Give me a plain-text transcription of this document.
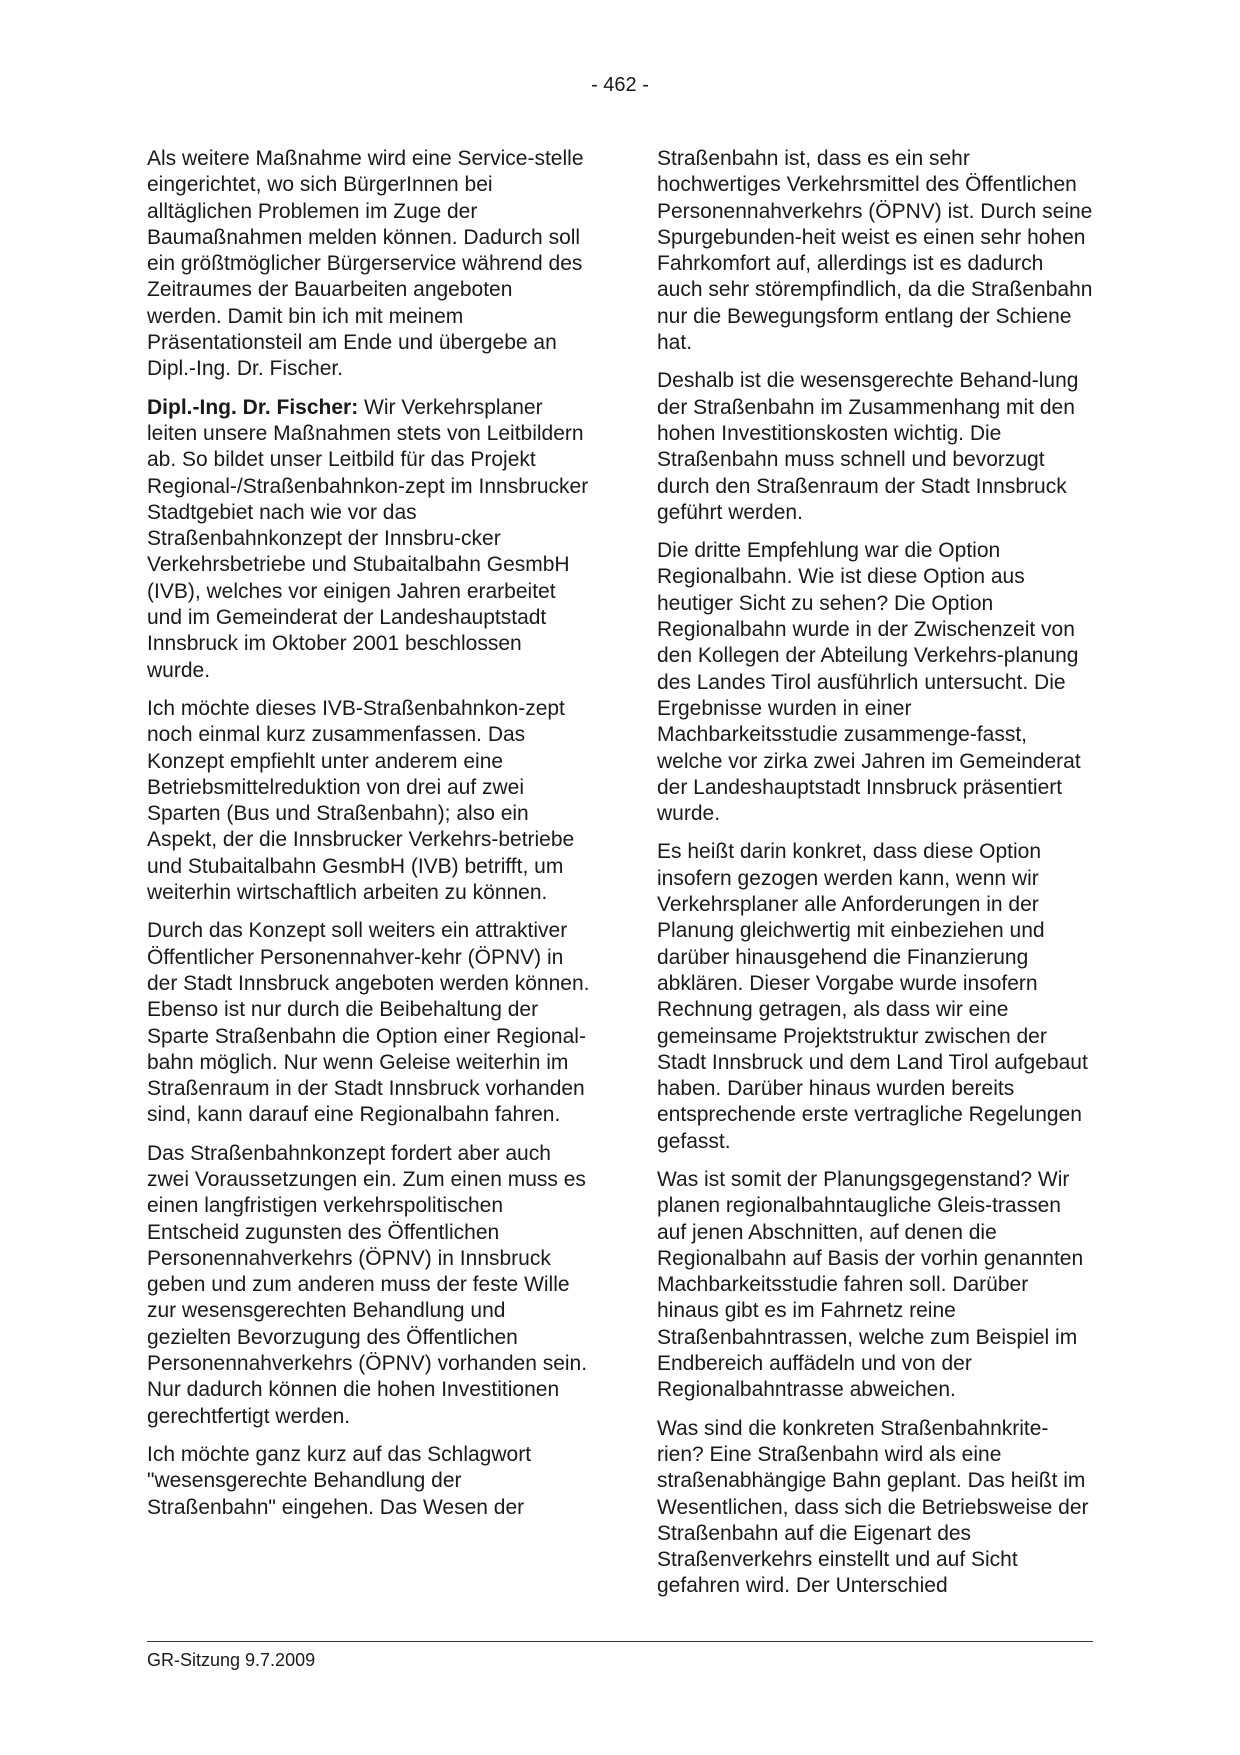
- 462 -

Als weitere Maßnahme wird eine Service-stelle eingerichtet, wo sich BürgerInnen bei alltäglichen Problemen im Zuge der Baumaßnahmen melden können. Dadurch soll ein größtmöglicher Bürgerservice während des Zeitraumes der Bauarbeiten angeboten werden. Damit bin ich mit meinem Präsentationsteil am Ende und übergebe an Dipl.-Ing. Dr. Fischer.

Dipl.-Ing. Dr. Fischer: Wir Verkehrsplaner leiten unsere Maßnahmen stets von Leitbildern ab. So bildet unser Leitbild für das Projekt Regional-/Straßenbahnkon-zept im Innsbrucker Stadtgebiet nach wie vor das Straßenbahnkonzept der Innsbru-cker Verkehrsbetriebe und Stubaitalbahn GesmbH (IVB), welches vor einigen Jahren erarbeitet und im Gemeinderat der Landeshauptstadt Innsbruck im Oktober 2001 beschlossen wurde.

Ich möchte dieses IVB-Straßenbahnkon-zept noch einmal kurz zusammenfassen. Das Konzept empfiehlt unter anderem eine Betriebsmittelreduktion von drei auf zwei Sparten (Bus und Straßenbahn); also ein Aspekt, der die Innsbrucker Verkehrs-betriebe und Stubaitalbahn GesmbH (IVB) betrifft, um weiterhin wirtschaftlich arbeiten zu können.

Durch das Konzept soll weiters ein attraktiver Öffentlicher Personennahver-kehr (ÖPNV) in der Stadt Innsbruck angeboten werden können. Ebenso ist nur durch die Beibehaltung der Sparte Straßenbahn die Option einer Regional-bahn möglich. Nur wenn Geleise weiterhin im Straßenraum in der Stadt Innsbruck vorhanden sind, kann darauf eine Regionalbahn fahren.

Das Straßenbahnkonzept fordert aber auch zwei Voraussetzungen ein. Zum einen muss es einen langfristigen verkehrspolitischen Entscheid zugunsten des Öffentlichen Personennahverkehrs (ÖPNV) in Innsbruck geben und zum anderen muss der feste Wille zur wesensgerechten Behandlung und gezielten Bevorzugung des Öffentlichen Personennahverkehrs (ÖPNV) vorhanden sein. Nur dadurch können die hohen Investitionen gerechtfertigt werden.

Ich möchte ganz kurz auf das Schlagwort "wesensgerechte Behandlung der Straßenbahn" eingehen. Das Wesen der

Straßenbahn ist, dass es ein sehr hochwertiges Verkehrsmittel des Öffentlichen Personennahverkehrs (ÖPNV) ist. Durch seine Spurgebunden-heit weist es einen sehr hohen Fahrkomfort auf, allerdings ist es dadurch auch sehr störempfindlich, da die Straßenbahn nur die Bewegungsform entlang der Schiene hat.

Deshalb ist die wesensgerechte Behand-lung der Straßenbahn im Zusammenhang mit den hohen Investitionskosten wichtig. Die Straßenbahn muss schnell und bevorzugt durch den Straßenraum der Stadt Innsbruck geführt werden.

Die dritte Empfehlung war die Option Regionalbahn. Wie ist diese Option aus heutiger Sicht zu sehen? Die Option Regionalbahn wurde in der Zwischenzeit von den Kollegen der Abteilung Verkehrs-planung des Landes Tirol ausführlich untersucht. Die Ergebnisse wurden in einer Machbarkeitsstudie zusammenge-fasst, welche vor zirka zwei Jahren im Gemeinderat der Landeshauptstadt Innsbruck präsentiert wurde.

Es heißt darin konkret, dass diese Option insofern gezogen werden kann, wenn wir Verkehrsplaner alle Anforderungen in der Planung gleichwertig mit einbeziehen und darüber hinausgehend die Finanzierung abklären. Dieser Vorgabe wurde insofern Rechnung getragen, als dass wir eine gemeinsame Projektstruktur zwischen der Stadt Innsbruck und dem Land Tirol aufgebaut haben. Darüber hinaus wurden bereits entsprechende erste vertragliche Regelungen gefasst.

Was ist somit der Planungsgegenstand? Wir planen regionalbahntaugliche Gleis-trassen auf jenen Abschnitten, auf denen die Regionalbahn auf Basis der vorhin genannten Machbarkeitsstudie fahren soll. Darüber hinaus gibt es im Fahrnetz reine Straßenbahntrassen, welche zum Beispiel im Endbereich auffädeln und von der Regionalbahntrasse abweichen.

Was sind die konkreten Straßenbahnkrite-rien? Eine Straßenbahn wird als eine straßenabhängige Bahn geplant. Das heißt im Wesentlichen, dass sich die Betriebsweise der Straßenbahn auf die Eigenart des Straßenverkehrs einstellt und auf Sicht gefahren wird. Der Unterschied

GR-Sitzung 9.7.2009
